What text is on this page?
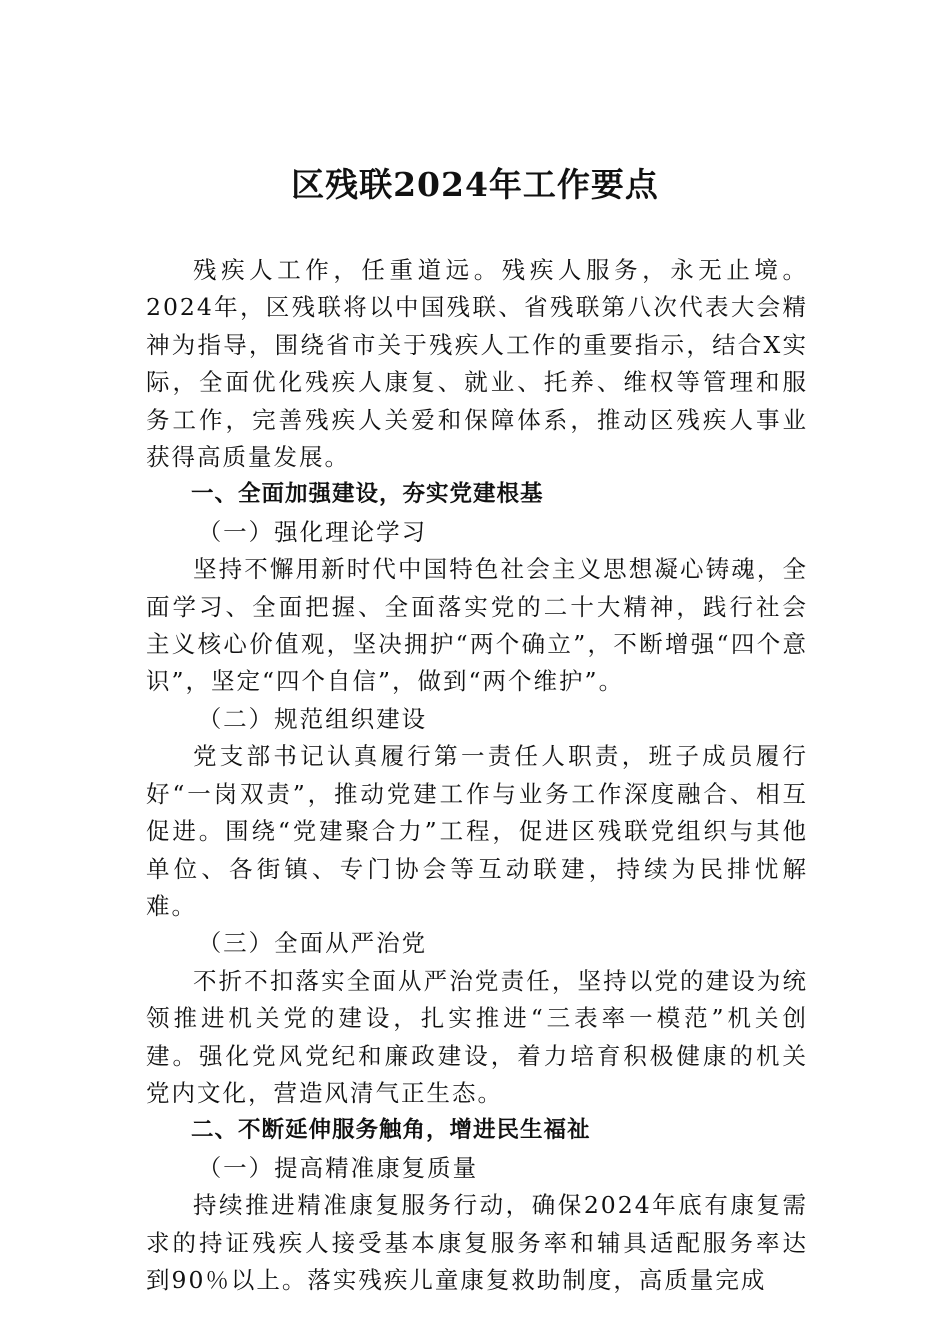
区残联2024年工作要点

残疾人工作，任重道远。残疾人服务，永无止境。2024年，区残联将以中国残联、省残联第八次代表大会精神为指导，围绕省市关于残疾人工作的重要指示，结合X实际，全面优化残疾人康复、就业、托养、维权等管理和服务工作，完善残疾人关爱和保障体系，推动区残疾人事业获得高质量发展。

一、全面加强建设，夯实党建根基

（一）强化理论学习

坚持不懈用新时代中国特色社会主义思想凝心铸魂，全面学习、全面把握、全面落实党的二十大精神，践行社会主义核心价值观，坚决拥护“两个确立”，不断增强“四个意识”，坚定“四个自信”，做到“两个维护”。

（二）规范组织建设

党支部书记认真履行第一责任人职责，班子成员履行好“一岗双责”，推动党建工作与业务工作深度融合、相互促进。围绕“党建聚合力”工程，促进区残联党组织与其他单位、各街镇、专门协会等互动联建，持续为民排忧解难。

（三）全面从严治党

不折不扣落实全面从严治党责任，坚持以党的建设为统领推进机关党的建设，扎实推进“三表率一模范”机关创建。强化党风党纪和廉政建设，着力培育积极健康的机关党内文化，营造风清气正生态。

二、不断延伸服务触角，增进民生福祉

（一）提高精准康复质量

持续推进精准康复服务行动，确保2024年底有康复需求的持证残疾人接受基本康复服务率和辅具适配服务率达到90％以上。落实残疾儿童康复救助制度，高质量完成
